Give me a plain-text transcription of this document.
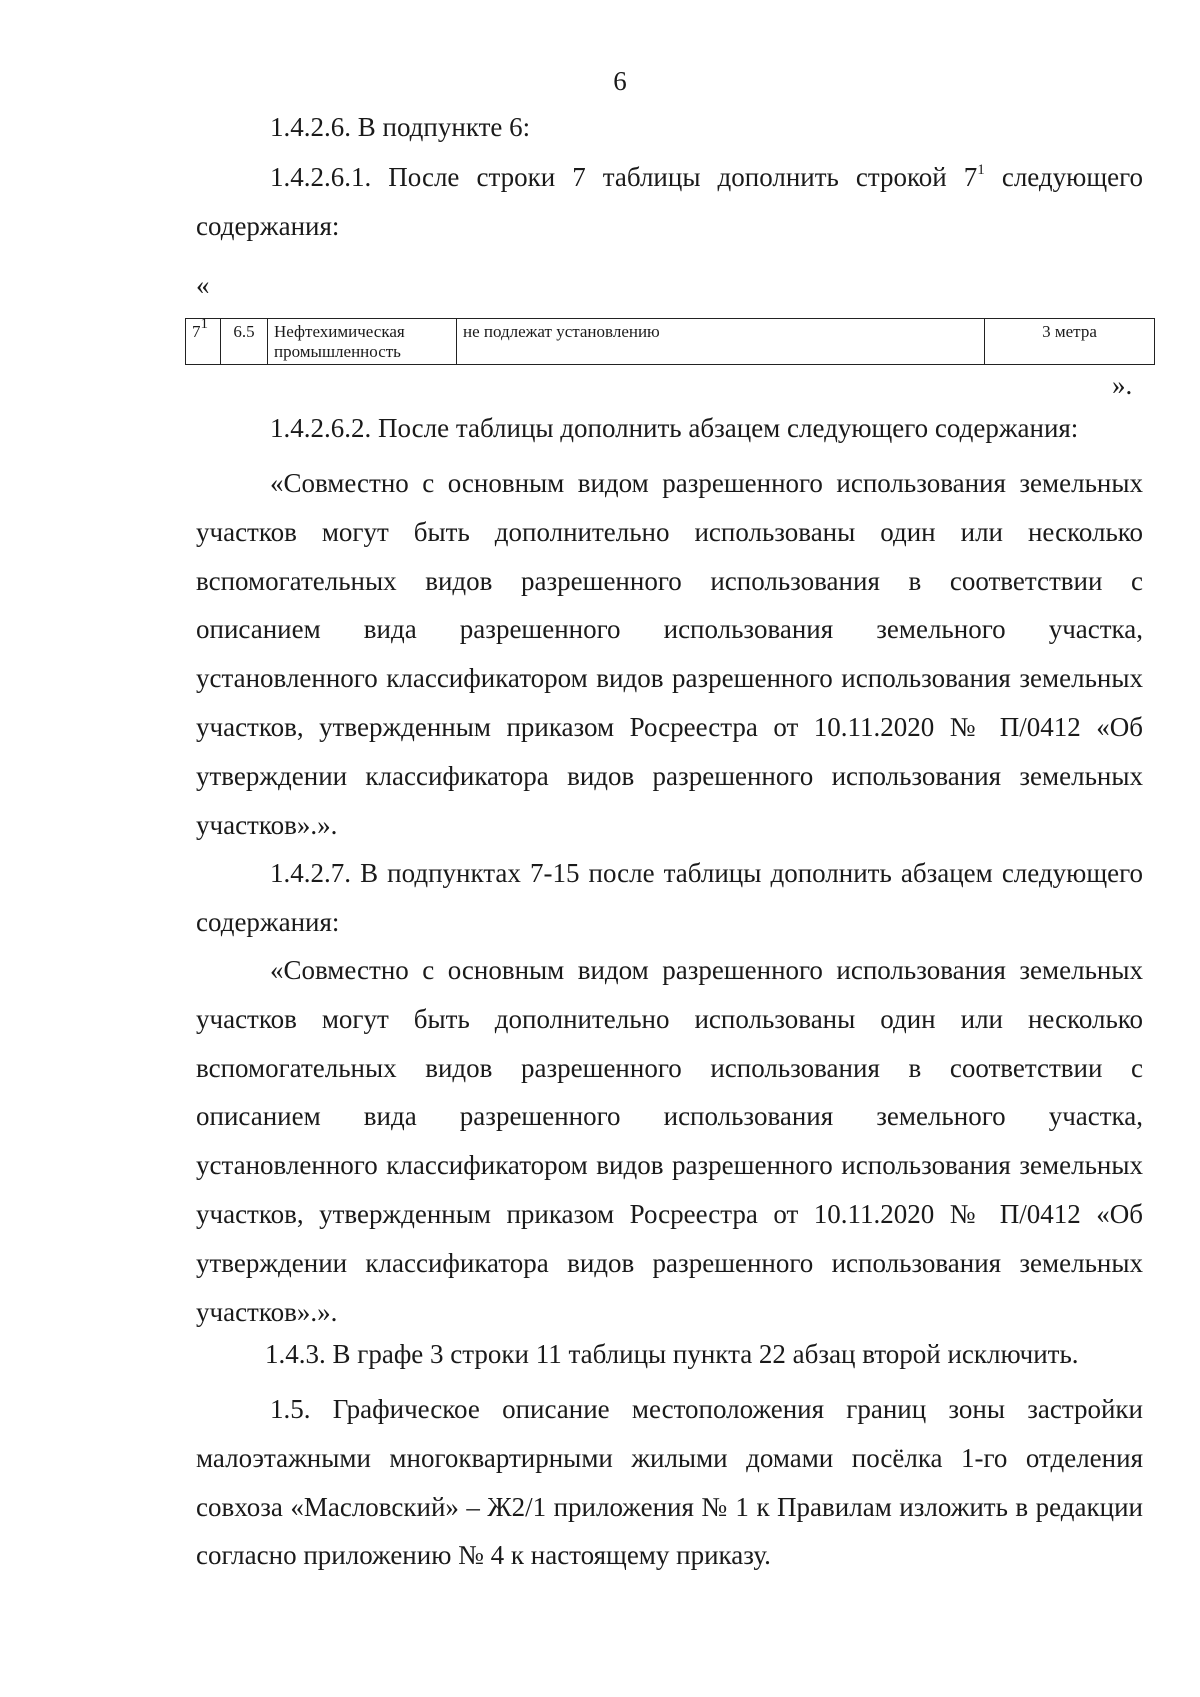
6
1.4.2.6. В подпункте 6:
1.4.2.6.1. После строки 7 таблицы дополнить строкой $7^1$ следующего содержания:
«
$7^1$	6.5	Нефтехимическая промышленность	не подлежат установлению	3 метра
».
1.4.2.6.2. После таблицы дополнить абзацем следующего содержания:
«Совместно с основным видом разрешенного использования земельных участков могут быть дополнительно использованы один или несколько вспомогательных видов разрешенного использования в соответствии с описанием вида разрешенного использования земельного участка, установленного классификатором видов разрешенного использования земельных участков, утвержденным приказом Росреестра от 10.11.2020 № П/0412 «Об утверждении классификатора видов разрешенного использования земельных участков».».
1.4.2.7. В подпунктах 7-15 после таблицы дополнить абзацем следующего содержания:
«Совместно с основным видом разрешенного использования земельных участков могут быть дополнительно использованы один или несколько вспомогательных видов разрешенного использования в соответствии с описанием вида разрешенного использования земельного участка, установленного классификатором видов разрешенного использования земельных участков, утвержденным приказом Росреестра от 10.11.2020 № П/0412 «Об утверждении классификатора видов разрешенного использования земельных участков».».
1.4.3. В графе 3 строки 11 таблицы пункта 22 абзац второй исключить.
1.5. Графическое описание местоположения границ зоны застройки малоэтажными многоквартирными жилыми домами посёлка 1-го отделения совхоза «Масловский» – Ж2/1 приложения № 1 к Правилам изложить в редакции согласно приложению № 4 к настоящему приказу.
